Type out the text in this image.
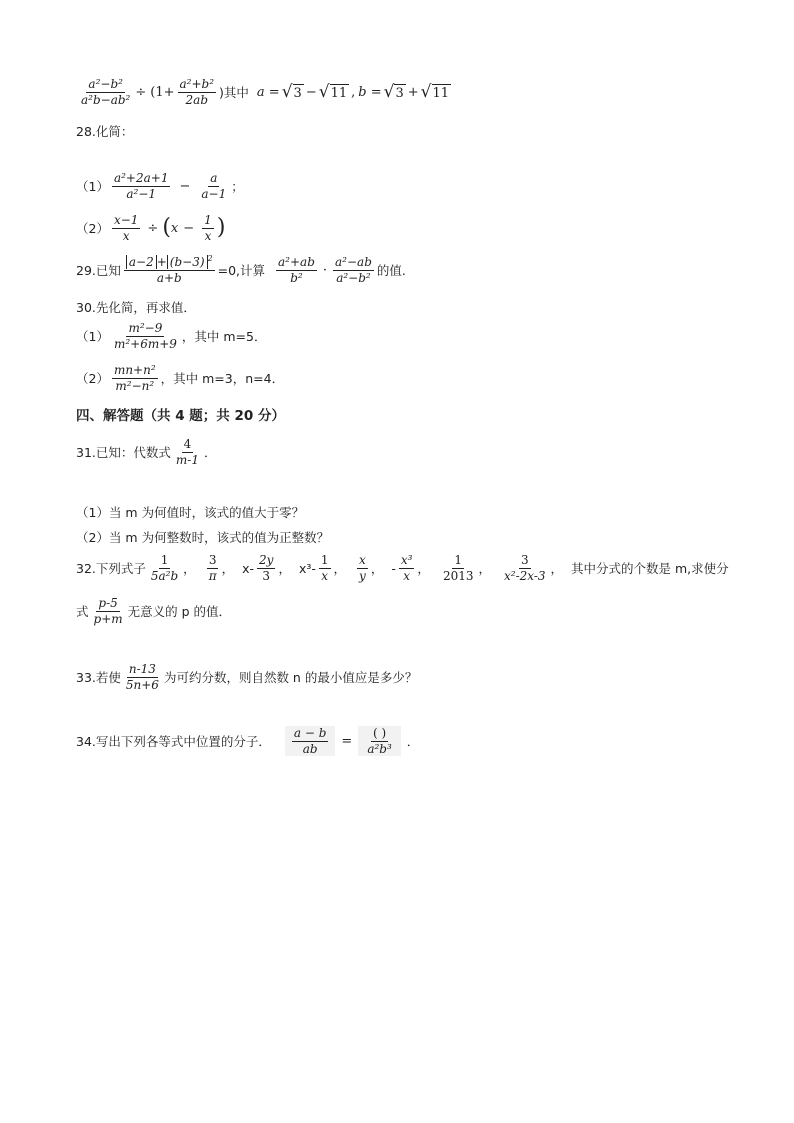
$\frac{\text{a²−b²}}{\text{a²b−ab²}} \div (1+ \frac{\text{a²+b²}}{2ab}$ )其中 a = √ 3 − √ 11 , b = √ 3 + √ 11
28.化简：
$(1) \frac{\text{a²+2a+1}}{\text{a²−1}} - \frac{a}{a-1}$ ；
$(2) \frac{x-1}{x}$ ÷ ( $x - \frac{1}{x}$ )
29.已知 $\frac{a-2 + (b-3) ^2}{a+b} =0$,计算 $\frac{\text{a²+ab}}{\text{b²}} \cdot \frac{\text{a²−ab}}{\text{a²−b²}}$ 的值.
30.先化简，再求值．
$(1) \frac{\text{m²−9}}{\text{m²+6m+9}}$ ，其中 m=5．
$(2) \frac{\text{mn+n²}}{\text{m²−n²}}$ ，其中 m=3，n=4．
四、解答题（共 4 题；共 20 分）
31.已知：代数式 $\frac{4}{m-1}$ ．
（1）当 m 为何值时，该式的值大于零？
（2）当 m 为何整数时，该式的值为正整数？
32.下列式子 $\frac{1}{\text{5a²b}}$ ， $\frac{3}{\pi}$ ， $x- \frac{2y}{3}$ ， $x^3- \frac{1}{x}$ ， $\frac{x}{y}$ ， - $\frac{\text{x³}}{x}$ ， $\frac{1}{2013}$ ， $\frac{3}{\text{x²-2x-3}}$ ， 其中分式的个数是 m,求使分
式 $\frac{p-5}{p+m}$ 无意义的 p 的值．
33.若使 $\frac{n-13}{5n+6}$ 为可约分数，则自然数 n 的最小值应是多少？
34.写出下列各等式中位置的分子． $\frac{a - b}{ab} = \frac{( )}{\text{a²b³}}$ ．
